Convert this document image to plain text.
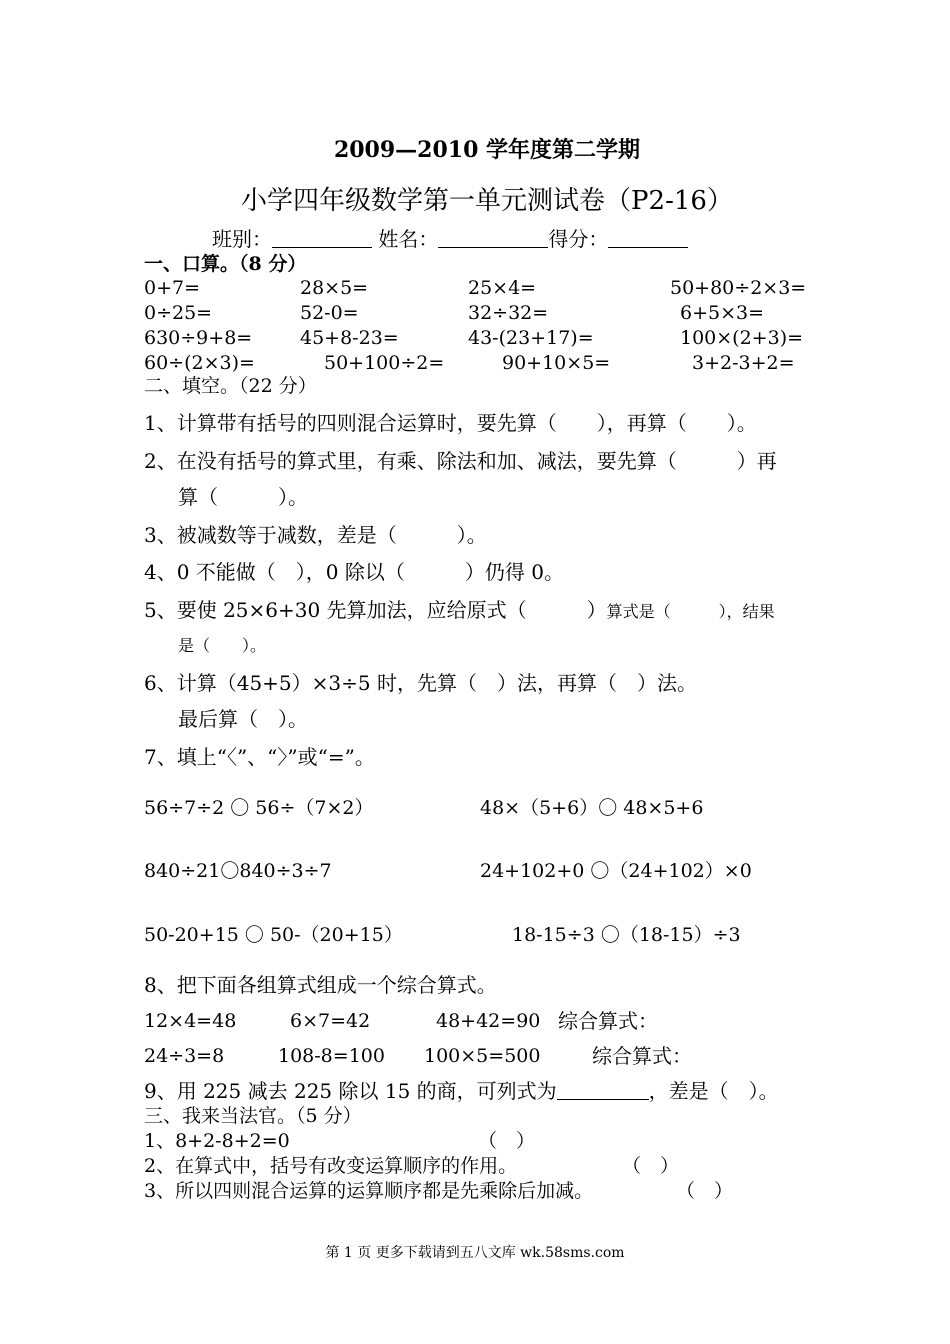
2009—2010 学年度第二学期
小学四年级数学第一单元测试卷（P2-16）
班别：	姓名：	得分：
一、口算。（8 分）
0+7=	28×5=	25×4=	50+80÷2×3=
0÷25=	52-0=	32÷32=	6+5×3=
630÷9+8=	45+8-23=	43-(23+17)=	100×(2+3)=
60÷(2×3)=	50+100÷2=	90+10×5=	3+2-3+2=
二、填空。（22 分）
1、计算带有括号的四则混合运算时，要先算（　　），再算（　　）。
2、在没有括号的算式里，有乘、除法和加、减法，要先算（　　　）再
算（　　　）。
3、被减数等于减数，差是（　　　）。
4、0 不能做（　），0 除以（　　　）仍得 0。
5、要使 25×6+30 先算加法，应给原式（　　　）算式是（　　　），结果
是（　　）。
6、计算（45+5）×3÷5 时，先算（　）法，再算（　）法。
最后算（　）。
7、填上“〈”、“〉”或“=”。
56÷7÷2 〇 56÷（7×2）	48×（5+6）〇 48×5+6
840÷21〇840÷3÷7	24+102+0 〇（24+102）×0
50-20+15 〇 50-（20+15）	18-15÷3 〇（18-15）÷3
8、把下面各组算式组成一个综合算式。
12×4=48	6×7=42	48+42=90 综合算式：
24÷3=8	108-8=100 100×5=500	综合算式：
9、用 225 减去 225 除以 15 的商，可列式为	，差是（　）。
三、我来当法官。（5 分）
1、8+2-8+2=0	（　）
2、在算式中，括号有改变运算顺序的作用。	（　）
3、所以四则混合运算的运算顺序都是先乘除后加减。	（　）
第 1 页 更多下载请到五八文库 wk.58sms.com
